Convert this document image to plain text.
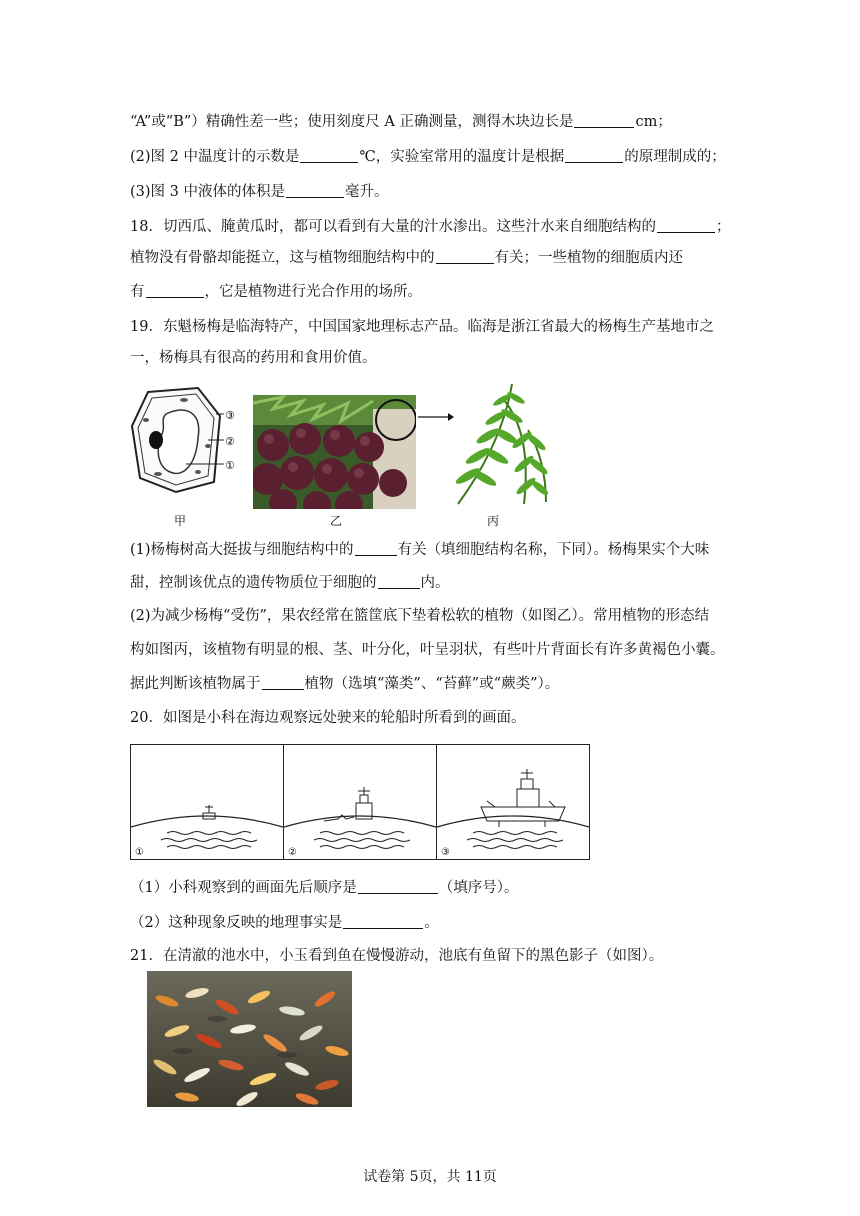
“A”或“B”）精确性差一些；使用刻度尺 A 正确测量，测得木块边长是	cm；
(2)图 2 中温度计的示数是	℃，实验室常用的温度计是根据	的原理制成的；
(3)图 3 中液体的体积是	毫升。
18．切西瓜、腌黄瓜时，都可以看到有大量的汁水渗出。这些汁水来自细胞结构的	；
植物没有骨骼却能挺立，这与植物细胞结构中的	有关；一些植物的细胞质内还
有	，它是植物进行光合作用的场所。
19．东魁杨梅是临海特产，中国国家地理标志产品。临海是浙江省最大的杨梅生产基地市之
一，杨梅具有很高的药用和食用价值。
③
②
①
甲	乙	丙
(1)杨梅树高大挺拔与细胞结构中的	有关（填细胞结构名称，下同）。杨梅果实个大味
甜，控制该优点的遗传物质位于细胞的	内。
(2)为减少杨梅“受伤”，果农经常在篮筐底下垫着松软的植物（如图乙）。常用植物的形态结
构如图丙，该植物有明显的根、茎、叶分化，叶呈羽状，有些叶片背面长有许多黄褐色小囊。
据此判断该植物属于	植物（选填“藻类”、“苔藓”或“蕨类”）。
20．如图是小科在海边观察远处驶来的轮船时所看到的画面。
①	②	③
（1）小科观察到的画面先后顺序是	（填序号）。
（2）这种现象反映的地理事实是	。
21．在清澈的池水中，小玉看到鱼在慢慢游动，池底有鱼留下的黑色影子（如图）。
试卷第 5页，共 11页
